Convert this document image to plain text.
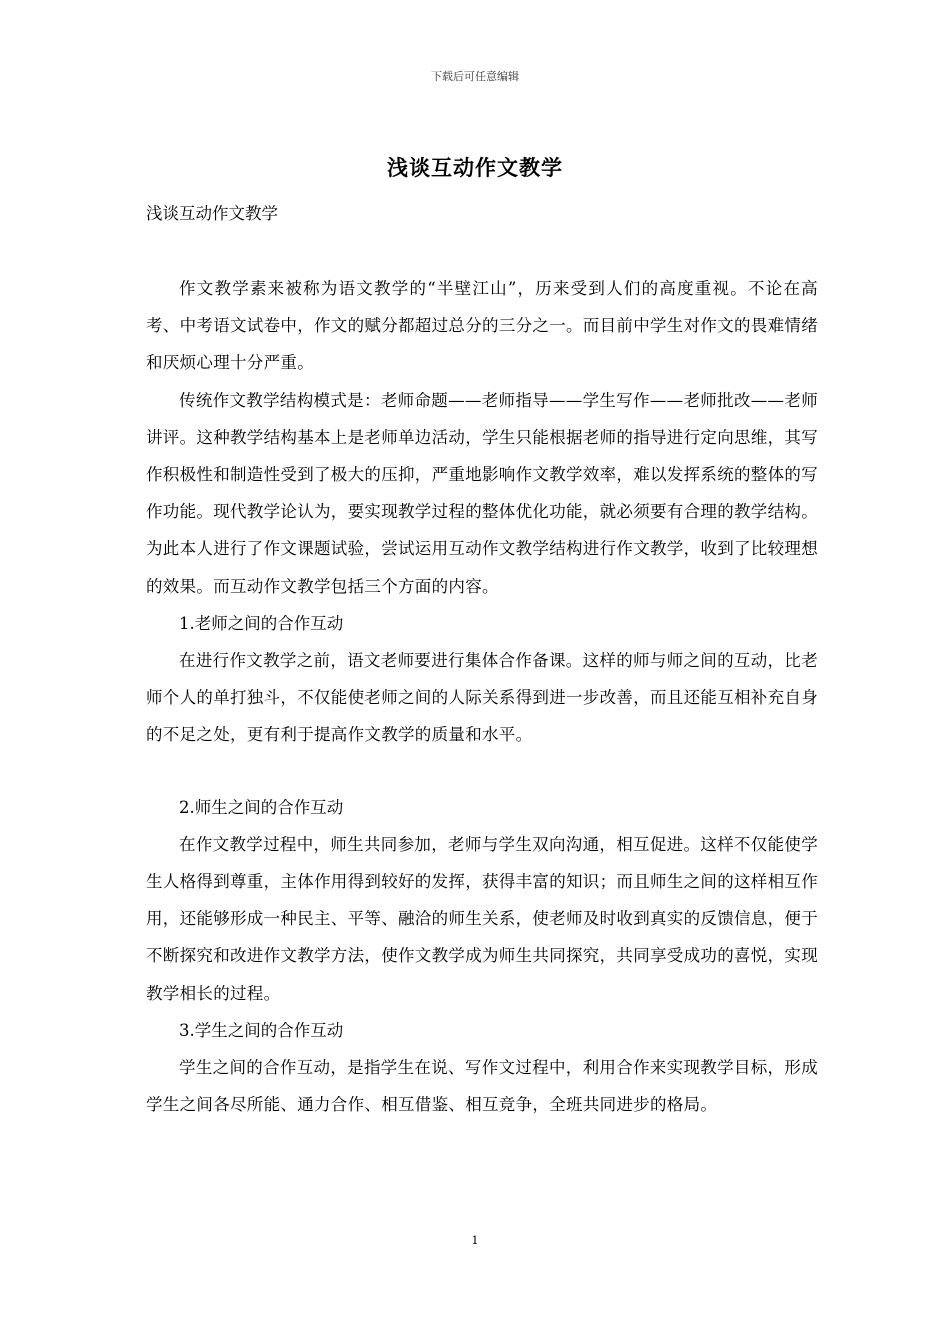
下载后可任意编辑
浅谈互动作文教学

浅谈互动作文教学

作文教学素来被称为语文教学的“半壁江山”，历来受到人们的高度重视。不论在高考、中考语文试卷中，作文的赋分都超过总分的三分之一。而目前中学生对作文的畏难情绪和厌烦心理十分严重。

传统作文教学结构模式是：老师命题——老师指导——学生写作——老师批改——老师讲评。这种教学结构基本上是老师单边活动，学生只能根据老师的指导进行定向思维，其写作积极性和制造性受到了极大的压抑，严重地影响作文教学效率，难以发挥系统的整体的写作功能。现代教学论认为，要实现教学过程的整体优化功能，就必须要有合理的教学结构。为此本人进行了作文课题试验，尝试运用互动作文教学结构进行作文教学，收到了比较理想的效果。而互动作文教学包括三个方面的内容。

1.老师之间的合作互动

在进行作文教学之前，语文老师要进行集体合作备课。这样的师与师之间的互动，比老师个人的单打独斗，不仅能使老师之间的人际关系得到进一步改善，而且还能互相补充自身的不足之处，更有利于提高作文教学的质量和水平。

2.师生之间的合作互动

在作文教学过程中，师生共同参加，老师与学生双向沟通，相互促进。这样不仅能使学生人格得到尊重，主体作用得到较好的发挥，获得丰富的知识；而且师生之间的这样相互作用，还能够形成一种民主、平等、融洽的师生关系，使老师及时收到真实的反馈信息，便于不断探究和改进作文教学方法，使作文教学成为师生共同探究，共同享受成功的喜悦，实现教学相长的过程。

3.学生之间的合作互动

学生之间的合作互动，是指学生在说、写作文过程中，利用合作来实现教学目标，形成学生之间各尽所能、通力合作、相互借鉴、相互竞争，全班共同进步的格局。

1
